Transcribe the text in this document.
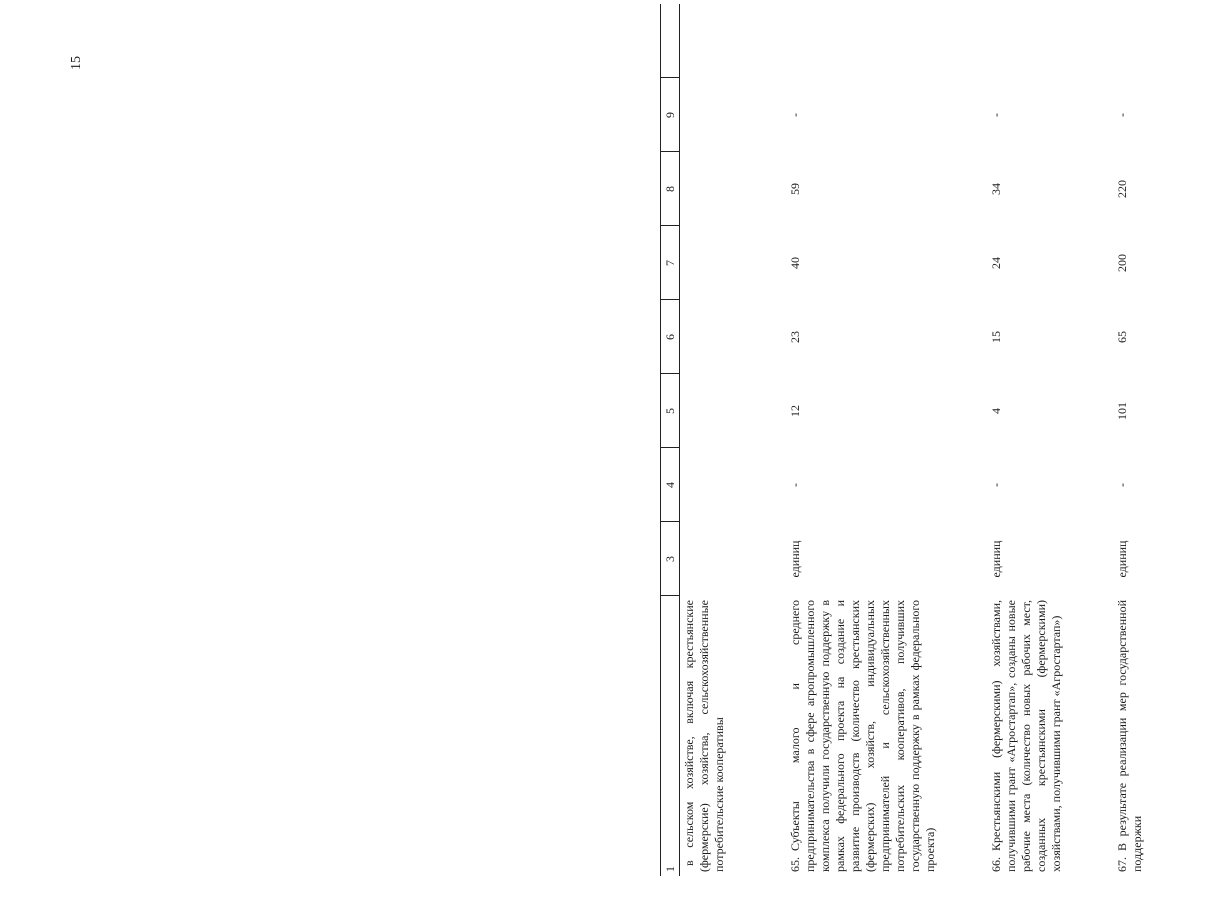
15
1	3	4	5	6	7	8	9	
в сельском хозяйстве, включая крестьянские (фермерские) хозяйства, сельскохозяйственные потребительские кооперативы								
65.Субъекты малого и среднего предпринимательства в сфере агропромышленного комплекса получили государственную поддержку в рамках федерального проекта на создание и развитие производств (количество крестьянских (фермерских) хозяйств, индивидуальных предпринимателей и сельскохозяйственных потребительских кооперативов, получивших государственную поддержку в рамках федерального проекта)	единиц	-	12	23	40	59	-	
66.Крестьянскими (фермерскими) хозяйствами, получившими грант «Агростартап», созданы новые рабочие места (количество новых рабочих мест, созданных крестьянскими (фермерскими) хозяйствами, получившими грант «Агростартап»)	единиц	-	4	15	24	34	-	
67.В результате реализации мер государственной поддержки	единиц	-	101	65	200	220	-	
